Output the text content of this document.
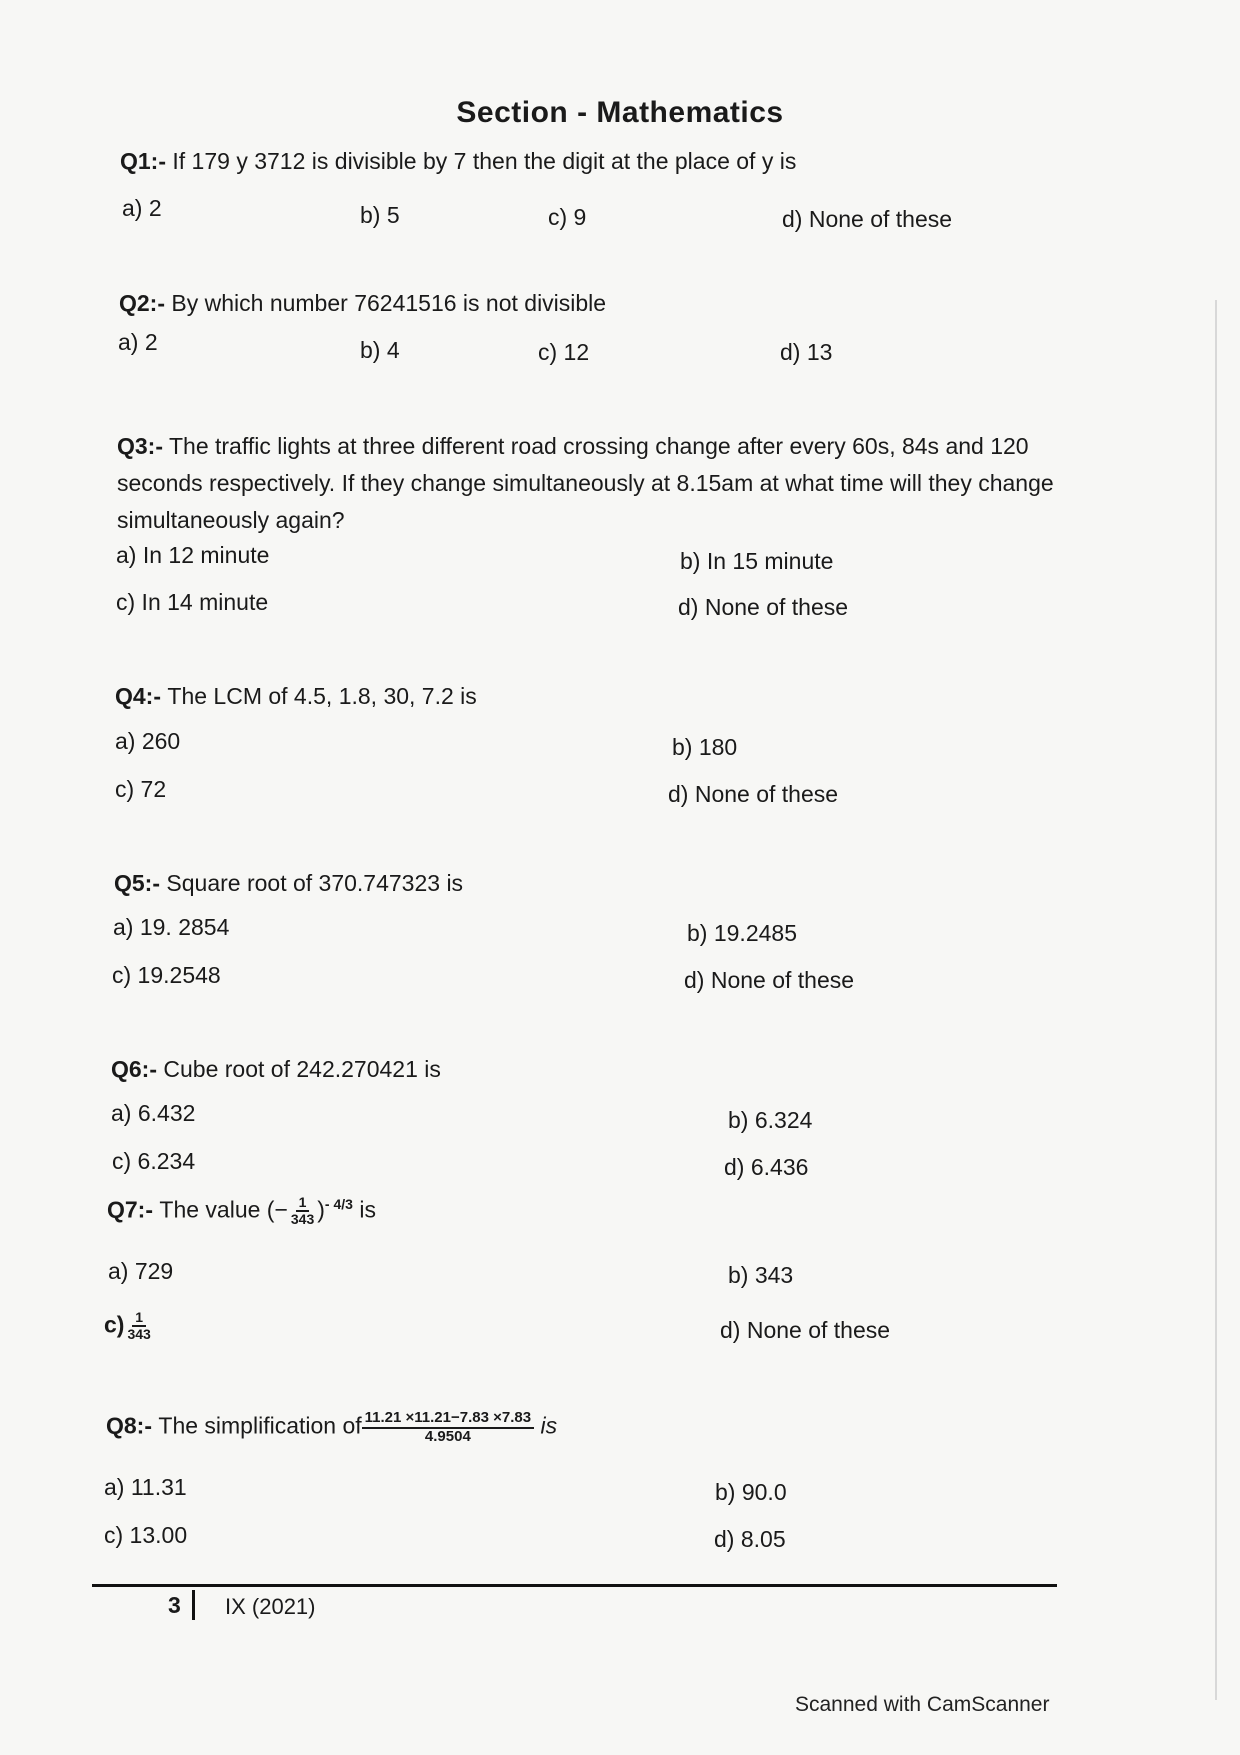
Section - Mathematics
Q1:- If 179 y 3712 is divisible by 7 then the digit at the place of y is
a) 2	b) 5	c) 9	d) None of these
Q2:- By which number 76241516 is not divisible
a) 2	b) 4	c) 12	d) 13
Q3:- The traffic lights at three different road crossing change after every 60s, 84s and 120 seconds respectively. If they change simultaneously at 8.15am at what time will they change simultaneously again?
a) In 12 minute	b) In 15 minute
c) In 14 minute	d) None of these
Q4:- The LCM of 4.5, 1.8, 30, 7.2 is
a) 260	b) 180
c) 72	d) None of these
Q5:- Square root of 370.747323 is
a) 19. 2854	b) 19.2485
c) 19.2548	d) None of these
Q6:- Cube root of 242.270421 is
a) 6.432	b) 6.324
c) 6.234	d) 6.436
Q7:- The value (− $\frac{1}{343} )^{- 4/3}$ is
a) 729	b) 343
$c) \frac{1}{343}$	d) None of these
Q8:- The simplification of $\frac{11.21 \times 11.21-7.83 \times 7.83}{4.9504}$ is
a) 11.31	b) 90.0
c) 13.00	d) 8.05
3 IX (2021)
Scanned with CamScanner
